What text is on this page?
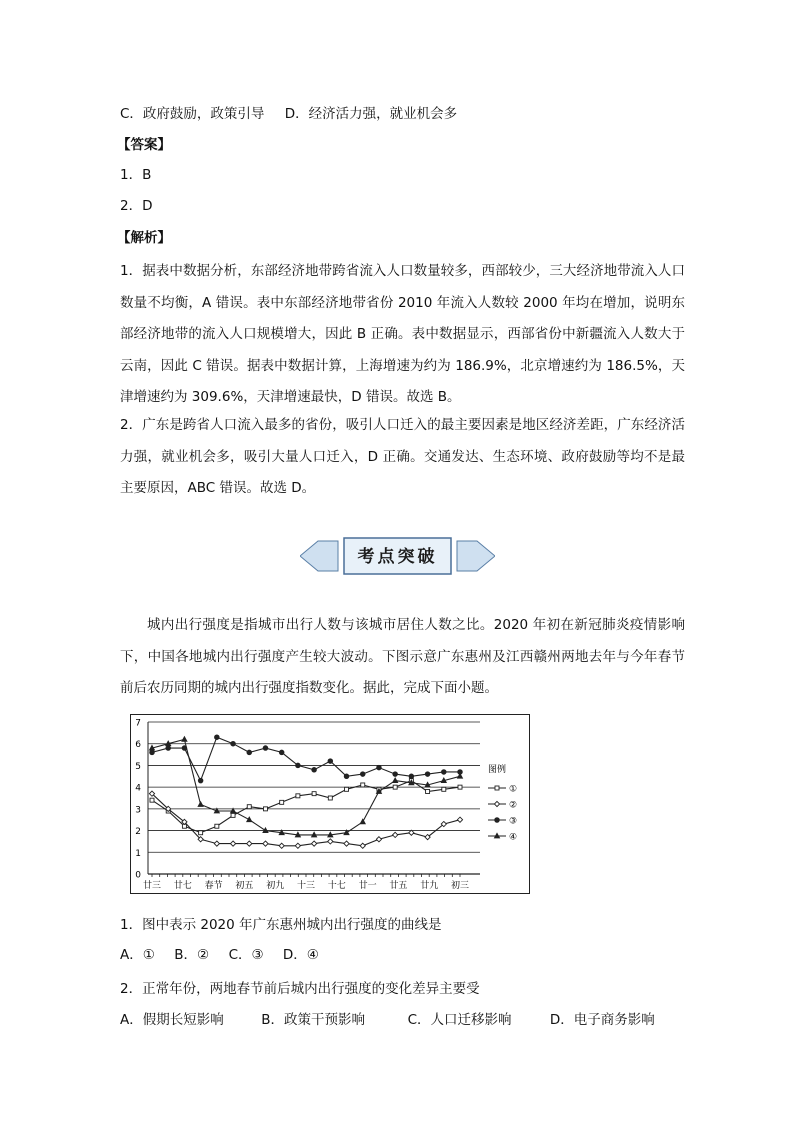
C．政府鼓励，政策引导 D．经济活力强，就业机会多
【答案】
1．B
2．D
【解析】
1．据表中数据分析，东部经济地带跨省流入人口数量较多，西部较少，三大经济地带流入人口数量不均衡，A 错误。表中东部经济地带省份 2010 年流入人数较 2000 年均在增加，说明东部经济地带的流入人口规模增大，因此 B 正确。表中数据显示，西部省份中新疆流入人数大于云南，因此 C 错误。据表中数据计算，上海增速为约为 186.9%，北京增速约为 186.5%，天津增速约为 309.6%，天津增速最快，D 错误。故选 B。
2．广东是跨省人口流入最多的省份，吸引人口迁入的最主要因素是地区经济差距，广东经济活力强，就业机会多，吸引大量人口迁入，D 正确。交通发达、生态环境、政府鼓励等均不是最主要原因，ABC 错误。故选 D。
考点突破
城内出行强度是指城市出行人数与该城市居住人数之比。2020 年初在新冠肺炎疫情影响下，中国各地城内出行强度产生较大波动。下图示意广东惠州及江西赣州两地去年与今年春节前后农历同期的城内出行强度指数变化。据此，完成下面小题。
0
1
2
3
4
5
6
7
廿三 廿七 春节 初五 初九 十三 十七 廿一 廿五 廿九 初三
图例
①
②
③
④
1．图中表示 2020 年广东惠州城内出行强度的曲线是
A．① B．② C．③ D．④
2．正常年份，两地春节前后城内出行强度的变化差异主要受
A．假期长短影响	B．政策干预影响	C．人口迁移影响	D．电子商务影响
